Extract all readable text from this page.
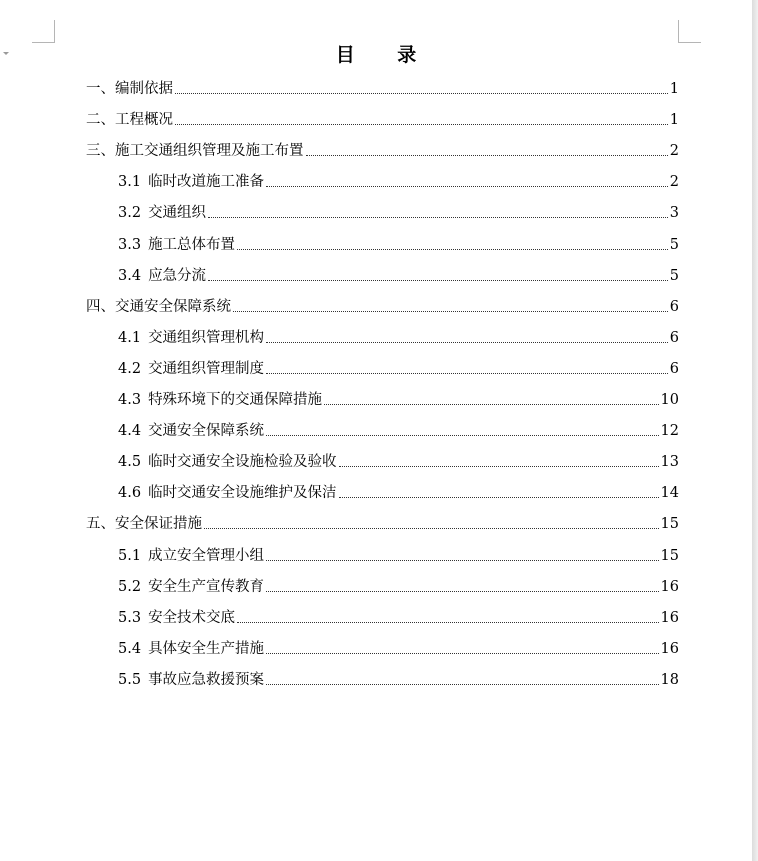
目 录
一、编制依据	1
二、工程概况	1
三、施工交通组织管理及施工布置	2
3.1 临时改道施工准备	2
3.2 交通组织	3
3.3 施工总体布置	5
3.4 应急分流	5
四、交通安全保障系统	6
4.1 交通组织管理机构	6
4.2 交通组织管理制度	6
4.3 特殊环境下的交通保障措施	10
4.4 交通安全保障系统	12
4.5 临时交通安全设施检验及验收	13
4.6 临时交通安全设施维护及保洁	14
五、安全保证措施	15
5.1 成立安全管理小组	15
5.2 安全生产宣传教育	16
5.3 安全技术交底	16
5.4 具体安全生产措施	16
5.5 事故应急救援预案	18
